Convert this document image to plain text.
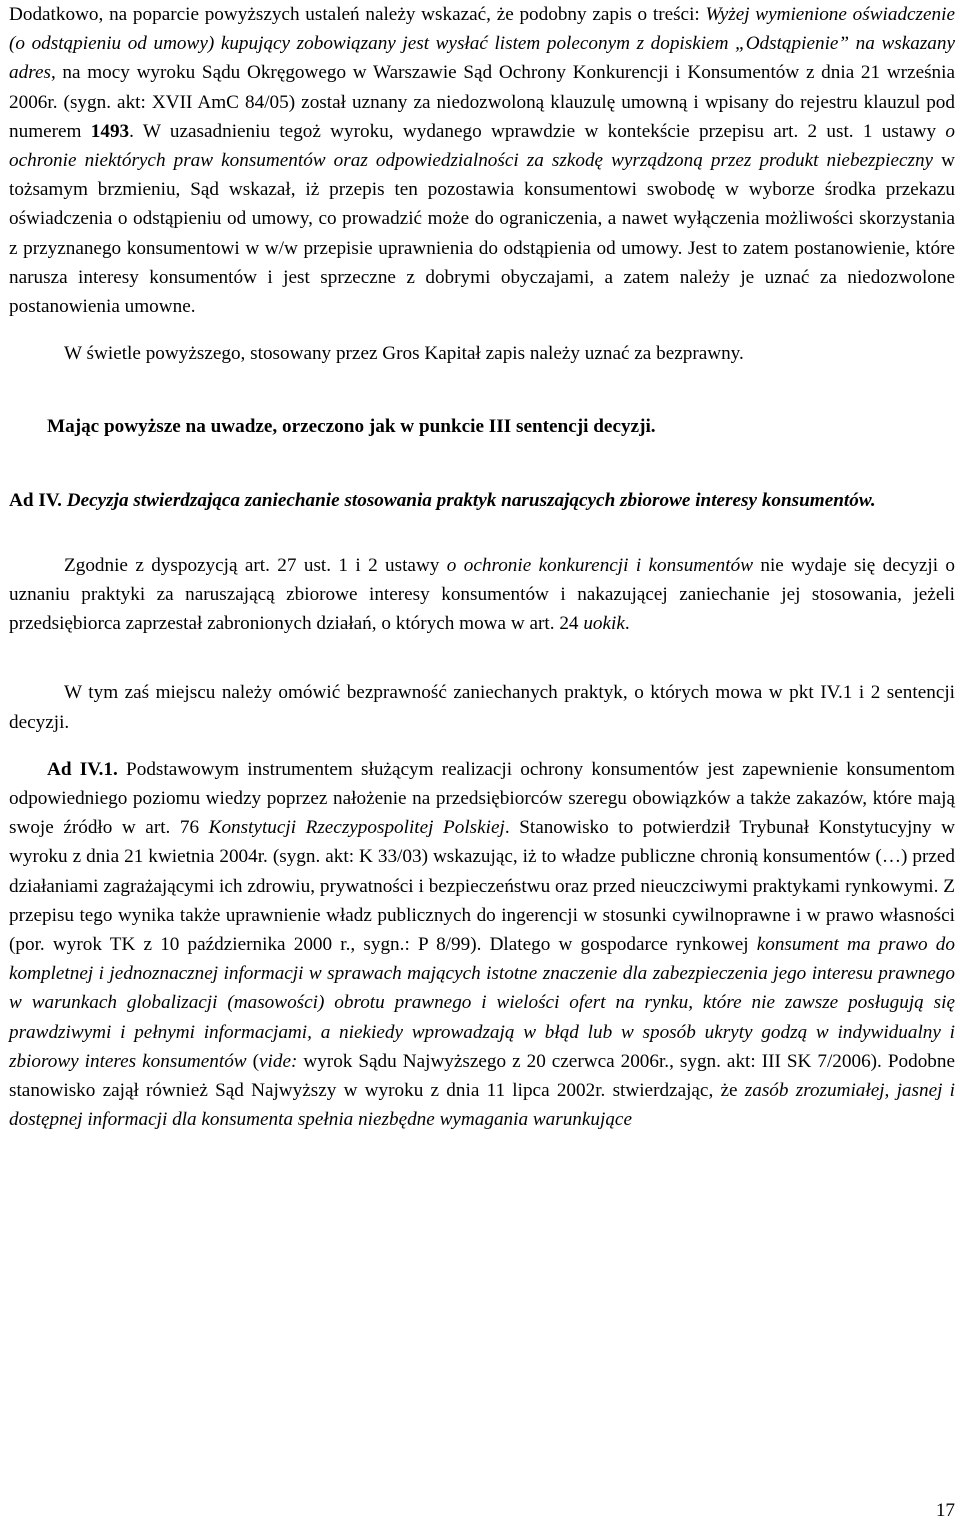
Dodatkowo, na poparcie powyższych ustaleń należy wskazać, że podobny zapis o treści: Wyżej wymienione oświadczenie (o odstąpieniu od umowy) kupujący zobowiązany jest wysłać listem poleconym z dopiskiem „Odstąpienie” na wskazany adres, na mocy wyroku Sądu Okręgowego w Warszawie Sąd Ochrony Konkurencji i Konsumentów z dnia 21 września 2006r. (sygn. akt: XVII AmC 84/05) został uznany za niedozwoloną klauzulę umowną i wpisany do rejestru klauzul pod numerem 1493. W uzasadnieniu tegoż wyroku, wydanego wprawdzie w kontekście przepisu art. 2 ust. 1 ustawy o ochronie niektórych praw konsumentów oraz odpowiedzialności za szkodę wyrządzoną przez produkt niebezpieczny w tożsamym brzmieniu, Sąd wskazał, iż przepis ten pozostawia konsumentowi swobodę w wyborze środka przekazu oświadczenia o odstąpieniu od umowy, co prowadzić może do ograniczenia, a nawet wyłączenia możliwości skorzystania z przyznanego konsumentowi w w/w przepisie uprawnienia do odstąpienia od umowy. Jest to zatem postanowienie, które narusza interesy konsumentów i jest sprzeczne z dobrymi obyczajami, a zatem należy je uznać za niedozwolone postanowienia umowne.

W świetle powyższego, stosowany przez Gros Kapitał zapis należy uznać za bezprawny.

Mając powyższe na uwadze, orzeczono jak w punkcie III sentencji decyzji.

Ad IV. Decyzja stwierdzająca zaniechanie stosowania praktyk naruszających zbiorowe interesy konsumentów.

Zgodnie z dyspozycją art. 27 ust. 1 i 2 ustawy o ochronie konkurencji i konsumentów nie wydaje się decyzji o uznaniu praktyki za naruszającą zbiorowe interesy konsumentów i nakazującej zaniechanie jej stosowania, jeżeli przedsiębiorca zaprzestał zabronionych działań, o których mowa w art. 24 uokik.

W tym zaś miejscu należy omówić bezprawność zaniechanych praktyk, o których mowa w pkt IV.1 i 2 sentencji decyzji.

Ad IV.1. Podstawowym instrumentem służącym realizacji ochrony konsumentów jest zapewnienie konsumentom odpowiedniego poziomu wiedzy poprzez nałożenie na przedsiębiorców szeregu obowiązków a także zakazów, które mają swoje źródło w art. 76 Konstytucji Rzeczypospolitej Polskiej. Stanowisko to potwierdził Trybunał Konstytucyjny w wyroku z dnia 21 kwietnia 2004r. (sygn. akt: K 33/03) wskazując, iż to władze publiczne chronią konsumentów (…) przed działaniami zagrażającymi ich zdrowiu, prywatności i bezpieczeństwu oraz przed nieuczciwymi praktykami rynkowymi. Z przepisu tego wynika także uprawnienie władz publicznych do ingerencji w stosunki cywilnoprawne i w prawo własności (por. wyrok TK z 10 października 2000 r., sygn.: P 8/99). Dlatego w gospodarce rynkowej konsument ma prawo do kompletnej i jednoznacznej informacji w sprawach mających istotne znaczenie dla zabezpieczenia jego interesu prawnego w warunkach globalizacji (masowości) obrotu prawnego i wielości ofert na rynku, które nie zawsze posługują się prawdziwymi i pełnymi informacjami, a niekiedy wprowadzają w błąd lub w sposób ukryty godzą w indywidualny i zbiorowy interes konsumentów (vide: wyrok Sądu Najwyższego z 20 czerwca 2006r., sygn. akt: III SK 7/2006). Podobne stanowisko zajął również Sąd Najwyższy w wyroku z dnia 11 lipca 2002r. stwierdzając, że zasób zrozumiałej, jasnej i dostępnej informacji dla konsumenta spełnia niezbędne wymagania warunkujące

17
